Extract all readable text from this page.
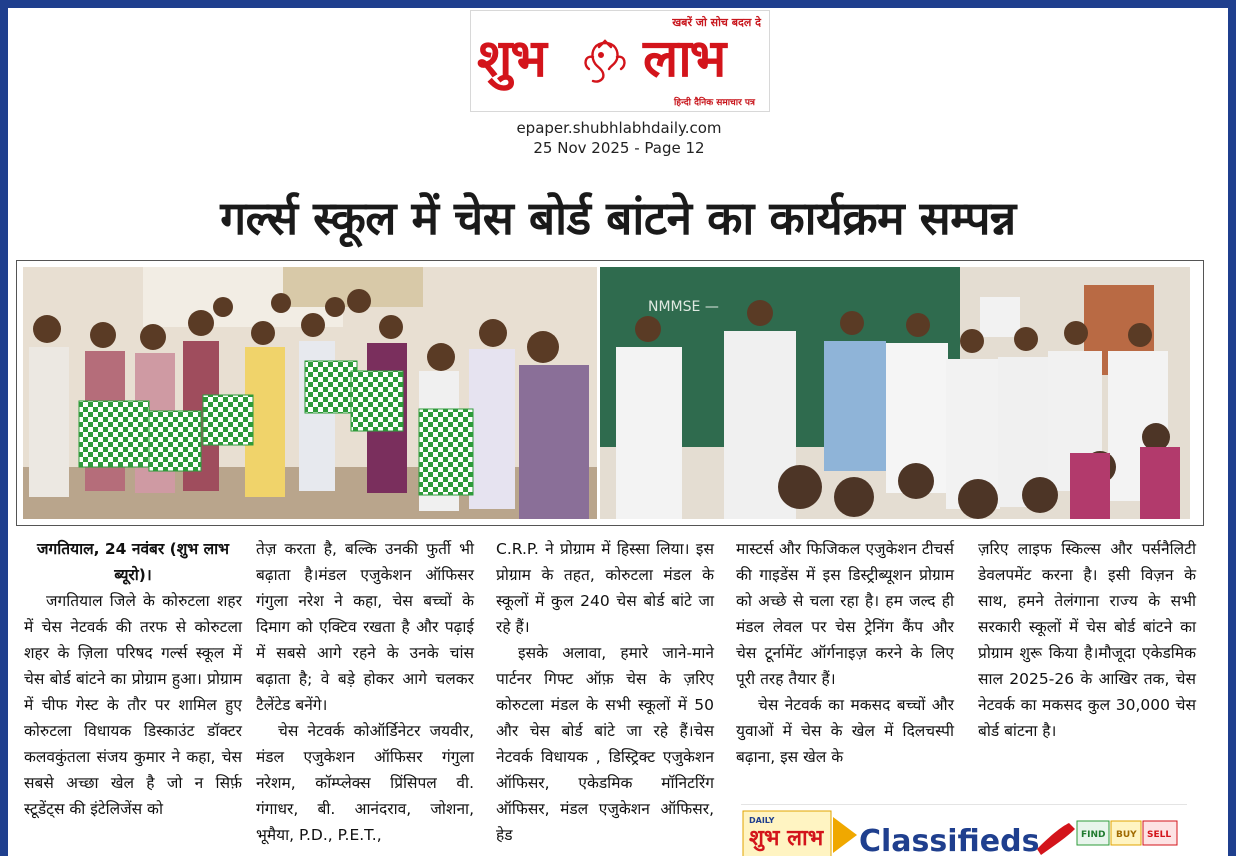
खबरें जो सोच बदल दे
शुभ लाभ
हिन्दी दैनिक समाचार पत्र
epaper.shubhlabhdaily.com
25 Nov 2025 - Page 12
गर्ल्स स्कूल में चेस बोर्ड बांटने का कार्यक्रम सम्पन्न
NMMSE —

जगतियाल, 24 नवंबर (शुभ लाभ ब्यूरो)।

जगतियाल जिले के कोरुटला शहर में चेस नेटवर्क की तरफ से कोरुटला शहर के ज़िला परिषद गर्ल्स स्कूल में चेस बोर्ड बांटने का प्रोग्राम हुआ। प्रोग्राम में चीफ गेस्ट के तौर पर शामिल हुए कोरुटला विधायक डिस्काउंट डॉक्टर कलवकुंतला संजय कुमार ने कहा, चेस सबसे अच्छा खेल है जो न सिर्फ़ स्टूडेंट्स की इंटेलिजेंस को

तेज़ करता है, बल्कि उनकी फुर्ती भी बढ़ाता है।मंडल एजुकेशन ऑफिसर गंगुला नरेश ने कहा, चेस बच्चों के दिमाग को एक्टिव रखता है और पढ़ाई में सबसे आगे रहने के उनके चांस बढ़ाता है; वे बड़े होकर आगे चलकर टैलेंटेड बनेंगे।

चेस नेटवर्क कोऑर्डिनेटर जयवीर, मंडल एजुकेशन ऑफिसर गंगुला नरेशम, कॉम्प्लेक्स प्रिंसिपल वी. गंगाधर, बी. आनंदराव, जोशना, भूमैया, P.D., P.E.T.,

C.R.P. ने प्रोग्राम में हिस्सा लिया। इस प्रोग्राम के तहत, कोरुटला मंडल के स्कूलों में कुल 240 चेस बोर्ड बांटे जा रहे हैं।

इसके अलावा, हमारे जाने-माने पार्टनर गिफ्ट ऑफ़ चेस के ज़रिए कोरुटला मंडल के सभी स्कूलों में 50 और चेस बोर्ड बांटे जा रहे हैं।चेस नेटवर्क विधायक , डिस्ट्रिक्ट एजुकेशन ऑफिसर, एकेडमिक मॉनिटरिंग ऑफिसर, मंडल एजुकेशन ऑफिसर, हेड

मास्टर्स और फिजिकल एजुकेशन टीचर्स की गाइडेंस में इस डिस्ट्रीब्यूशन प्रोग्राम को अच्छे से चला रहा है। हम जल्द ही मंडल लेवल पर चेस ट्रेनिंग कैंप और चेस टूर्नामेंट ऑर्गनाइज़ करने के लिए पूरी तरह तैयार हैं।

चेस नेटवर्क का मकसद बच्चों और युवाओं में चेस के खेल में दिलचस्पी बढ़ाना, इस खेल के

ज़रिए लाइफ स्किल्स और पर्सनैलिटी डेवलपमेंट करना है। इसी विज़न के साथ, हमने तेलंगाना राज्य के सभी सरकारी स्कूलों में चेस बोर्ड बांटने का प्रोग्राम शुरू किया है।मौजूदा एकेडमिक साल 2025-26 के आखिर तक, चेस नेटवर्क का मकसद कुल 30,000 चेस बोर्ड बांटना है।

DAILY
शुभ लाभ Classifieds	FIND BUY SELL
